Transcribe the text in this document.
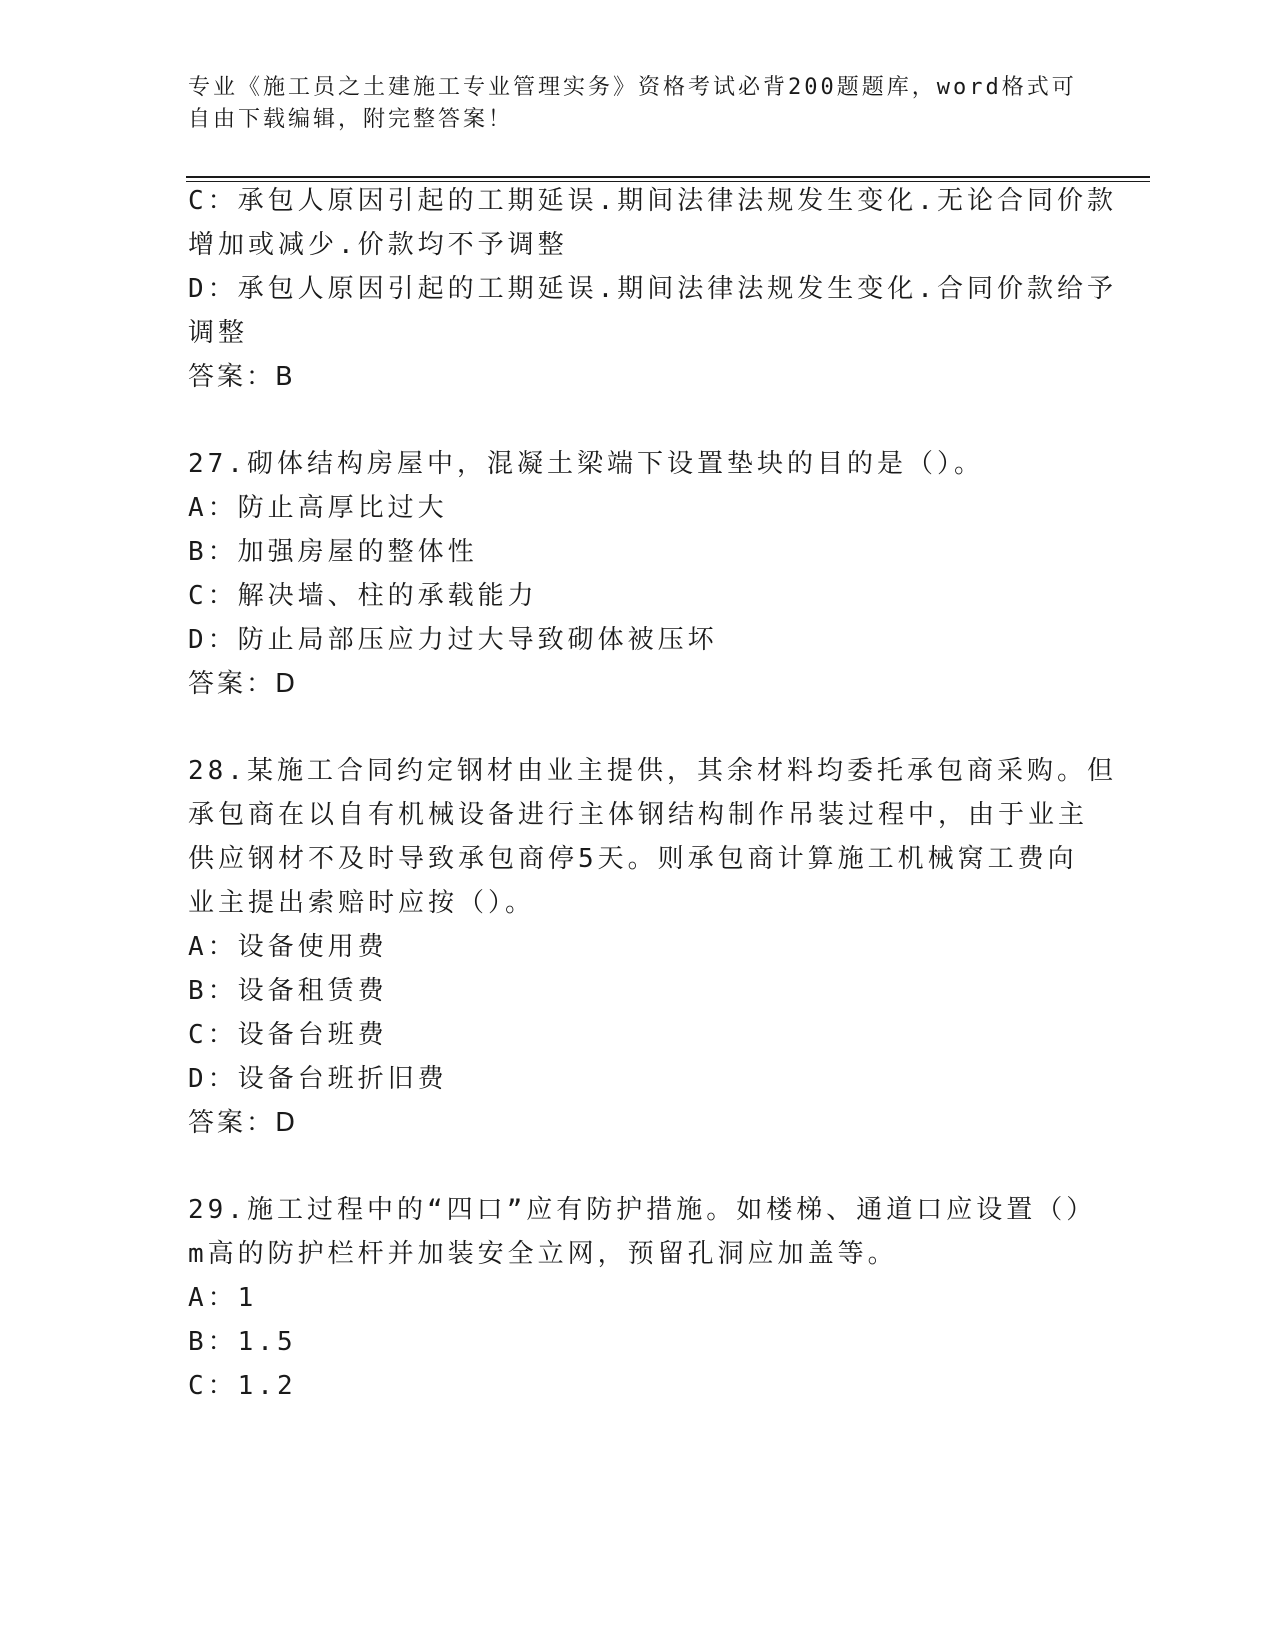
专业《施工员之土建施工专业管理实务》资格考试必背200题题库，word格式可
自由下载编辑，附完整答案！
C：承包人原因引起的工期延误.期间法律法规发生变化.无论合同价款
增加或减少.价款均不予调整
D：承包人原因引起的工期延误.期间法律法规发生变化.合同价款给予
调整
答案：B
27.砌体结构房屋中，混凝土梁端下设置垫块的目的是（）。
A：防止高厚比过大
B：加强房屋的整体性
C：解决墙、柱的承载能力
D：防止局部压应力过大导致砌体被压坏
答案：D
28.某施工合同约定钢材由业主提供，其余材料均委托承包商采购。但
承包商在以自有机械设备进行主体钢结构制作吊装过程中，由于业主
供应钢材不及时导致承包商停5天。则承包商计算施工机械窝工费向
业主提出索赔时应按（）。
A：设备使用费
B：设备租赁费
C：设备台班费
D：设备台班折旧费
答案：D
29.施工过程中的“四口”应有防护措施。如楼梯、通道口应设置（）
m高的防护栏杆并加装安全立网，预留孔洞应加盖等。
A：1
B：1.5
C：1.2
